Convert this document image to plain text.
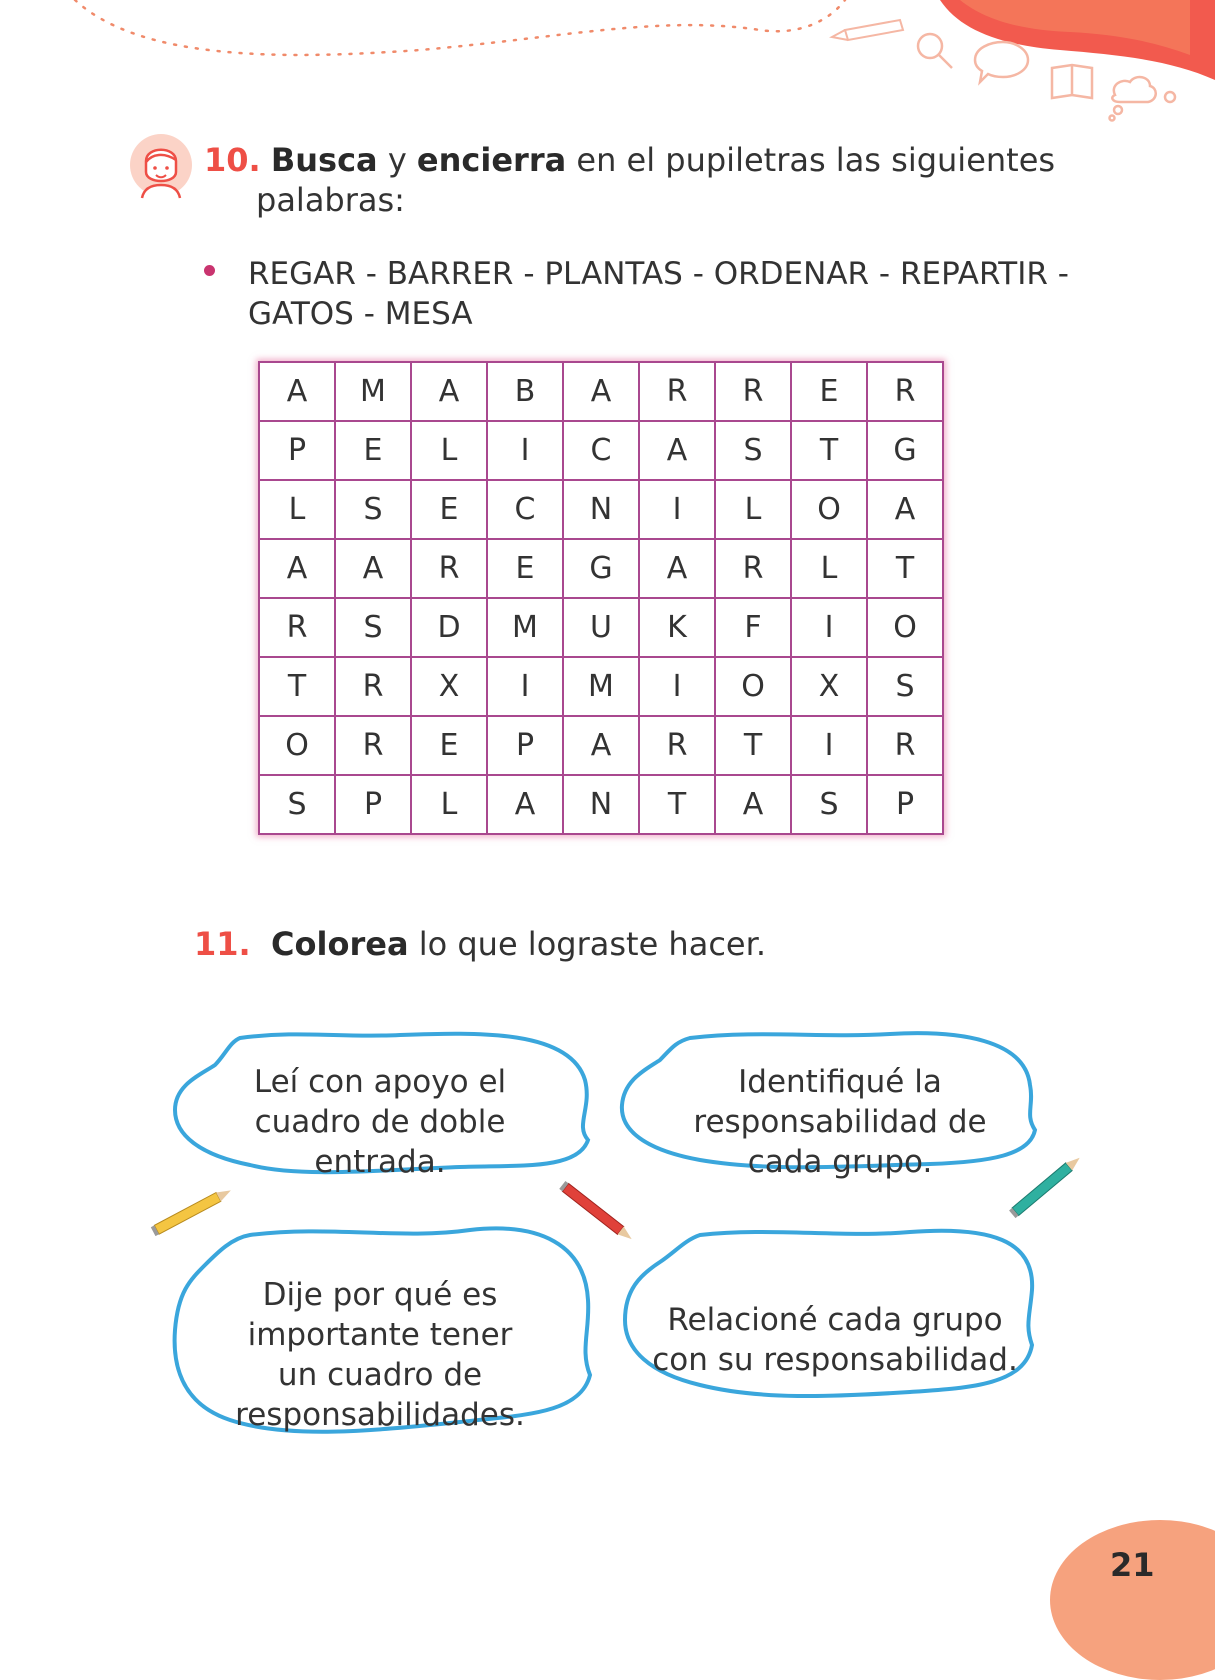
10. Busca y encierra en el pupiletras las siguientes
palabras:
REGAR - BARRER - PLANTAS - ORDENAR - REPARTIR -
GATOS - MESA
A	M	A	B	A	R	R	E	R
P	E	L	I	C	A	S	T	G
L	S	E	C	N	I	L	O	A
A	A	R	E	G	A	R	L	T
R	S	D	M	U	K	F	I	O
T	R	X	I	M	I	O	X	S
O	R	E	P	A	R	T	I	R
S	P	L	A	N	T	A	S	P
11. Colorea lo que lograste hacer.
Leí con apoyo el
cuadro de doble
entrada.
Identifiqué la
responsabilidad de
cada grupo.
Dije por qué es
importante tener
un cuadro de
responsabilidades.
Relacioné cada grupo
con su responsabilidad.
21
